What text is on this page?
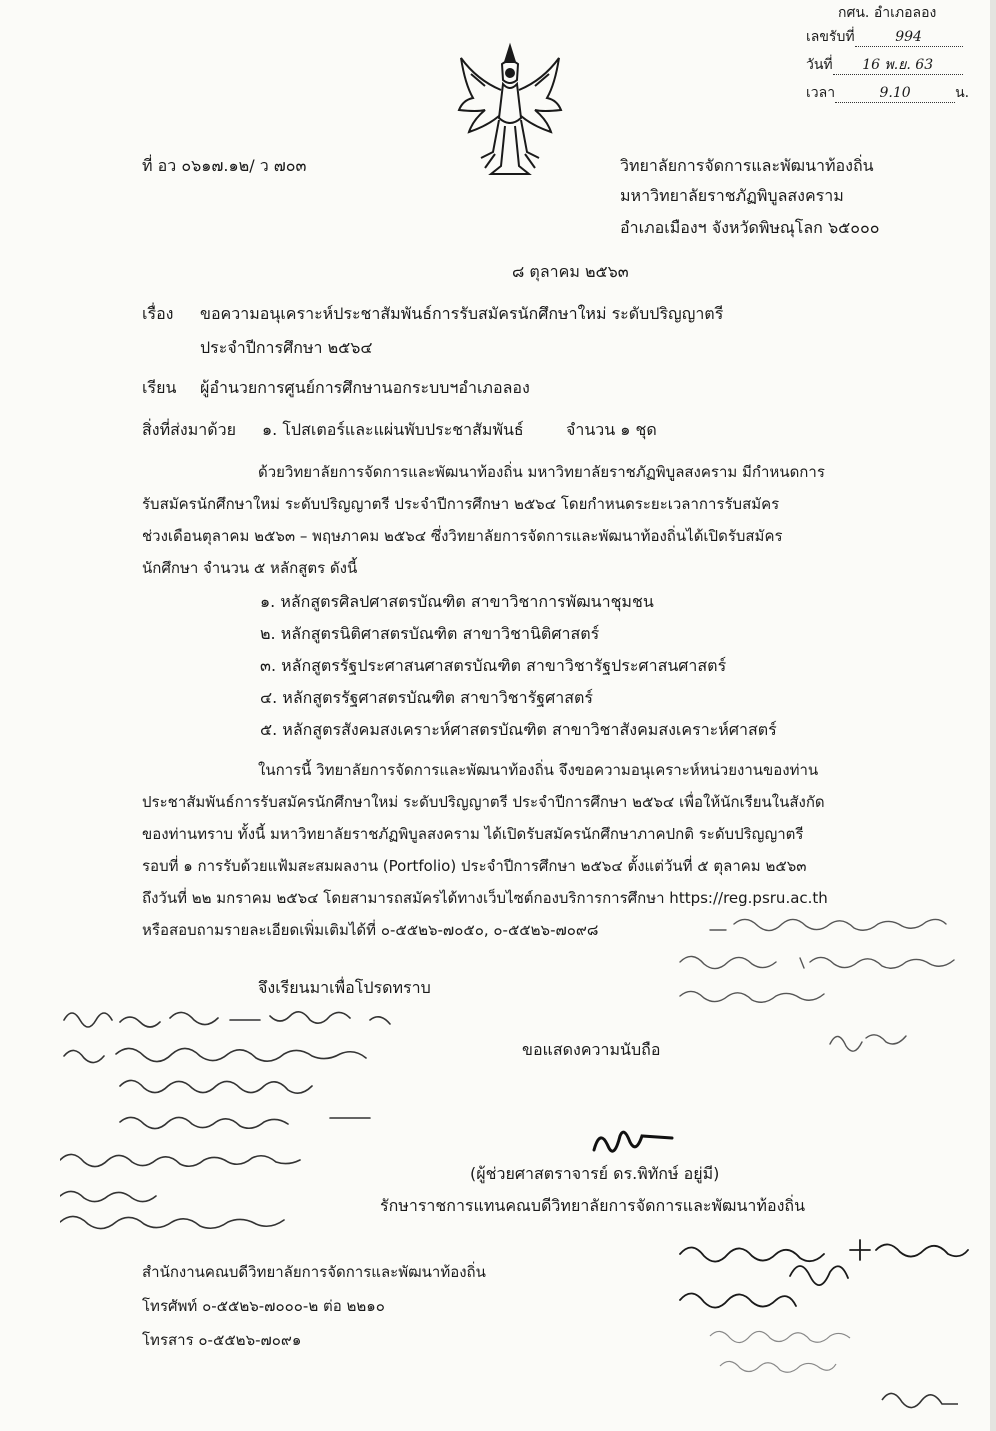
กศน. อำเภอลอง
เลขรับที่	994
วันที่ 16 พ.ย. 63
เวลา	9.10	น.
ที่ อว ๐๖๑๗.๑๒/ ว ๗๐๓	วิทยาลัยการจัดการและพัฒนาท้องถิ่น
มหาวิทยาลัยราชภัฏพิบูลสงคราม
อำเภอเมืองฯ จังหวัดพิษณุโลก ๖๕๐๐๐
๘ ตุลาคม ๒๕๖๓
เรื่อง ขอความอนุเคราะห์ประชาสัมพันธ์การรับสมัครนักศึกษาใหม่ ระดับปริญญาตรี
ประจำปีการศึกษา ๒๕๖๔
เรียน ผู้อำนวยการศูนย์การศึกษานอกระบบฯอำเภอลอง
สิ่งที่ส่งมาด้วย ๑. โปสเตอร์และแผ่นพับประชาสัมพันธ์	จำนวน ๑ ชุด
ด้วยวิทยาลัยการจัดการและพัฒนาท้องถิ่น มหาวิทยาลัยราชภัฏพิบูลสงคราม มีกำหนดการ
รับสมัครนักศึกษาใหม่ ระดับปริญญาตรี ประจำปีการศึกษา ๒๕๖๔ โดยกำหนดระยะเวลาการรับสมัคร
ช่วงเดือนตุลาคม ๒๕๖๓ – พฤษภาคม ๒๕๖๔ ซึ่งวิทยาลัยการจัดการและพัฒนาท้องถิ่นได้เปิดรับสมัคร
นักศึกษา จำนวน ๕ หลักสูตร ดังนี้
๑. หลักสูตรศิลปศาสตรบัณฑิต สาขาวิชาการพัฒนาชุมชน
๒. หลักสูตรนิติศาสตรบัณฑิต สาขาวิชานิติศาสตร์
๓. หลักสูตรรัฐประศาสนศาสตรบัณฑิต สาขาวิชารัฐประศาสนศาสตร์
๔. หลักสูตรรัฐศาสตรบัณฑิต สาขาวิชารัฐศาสตร์
๕. หลักสูตรสังคมสงเคราะห์ศาสตรบัณฑิต สาขาวิชาสังคมสงเคราะห์ศาสตร์
ในการนี้ วิทยาลัยการจัดการและพัฒนาท้องถิ่น จึงขอความอนุเคราะห์หน่วยงานของท่าน
ประชาสัมพันธ์การรับสมัครนักศึกษาใหม่ ระดับปริญญาตรี ประจำปีการศึกษา ๒๕๖๔ เพื่อให้นักเรียนในสังกัด
ของท่านทราบ ทั้งนี้ มหาวิทยาลัยราชภัฏพิบูลสงคราม ได้เปิดรับสมัครนักศึกษาภาคปกติ ระดับปริญญาตรี
รอบที่ ๑ การรับด้วยแฟ้มสะสมผลงาน (Portfolio) ประจำปีการศึกษา ๒๕๖๔ ตั้งแต่วันที่ ๕ ตุลาคม ๒๕๖๓
ถึงวันที่ ๒๒ มกราคม ๒๕๖๔ โดยสามารถสมัครได้ทางเว็บไซต์กองบริการการศึกษา https://reg.psru.ac.th
หรือสอบถามรายละเอียดเพิ่มเติมได้ที่ ๐-๕๕๒๖-๗๐๕๐, ๐-๕๕๒๖-๗๐๙๘
จึงเรียนมาเพื่อโปรดทราบ
ขอแสดงความนับถือ
(ผู้ช่วยศาสตราจารย์ ดร.พิทักษ์ อยู่มี)
รักษาราชการแทนคณบดีวิทยาลัยการจัดการและพัฒนาท้องถิ่น
สำนักงานคณบดีวิทยาลัยการจัดการและพัฒนาท้องถิ่น
โทรศัพท์ ๐-๕๕๒๖-๗๐๐๐-๒ ต่อ ๒๒๑๐
โทรสาร ๐-๕๕๒๖-๗๐๙๑
